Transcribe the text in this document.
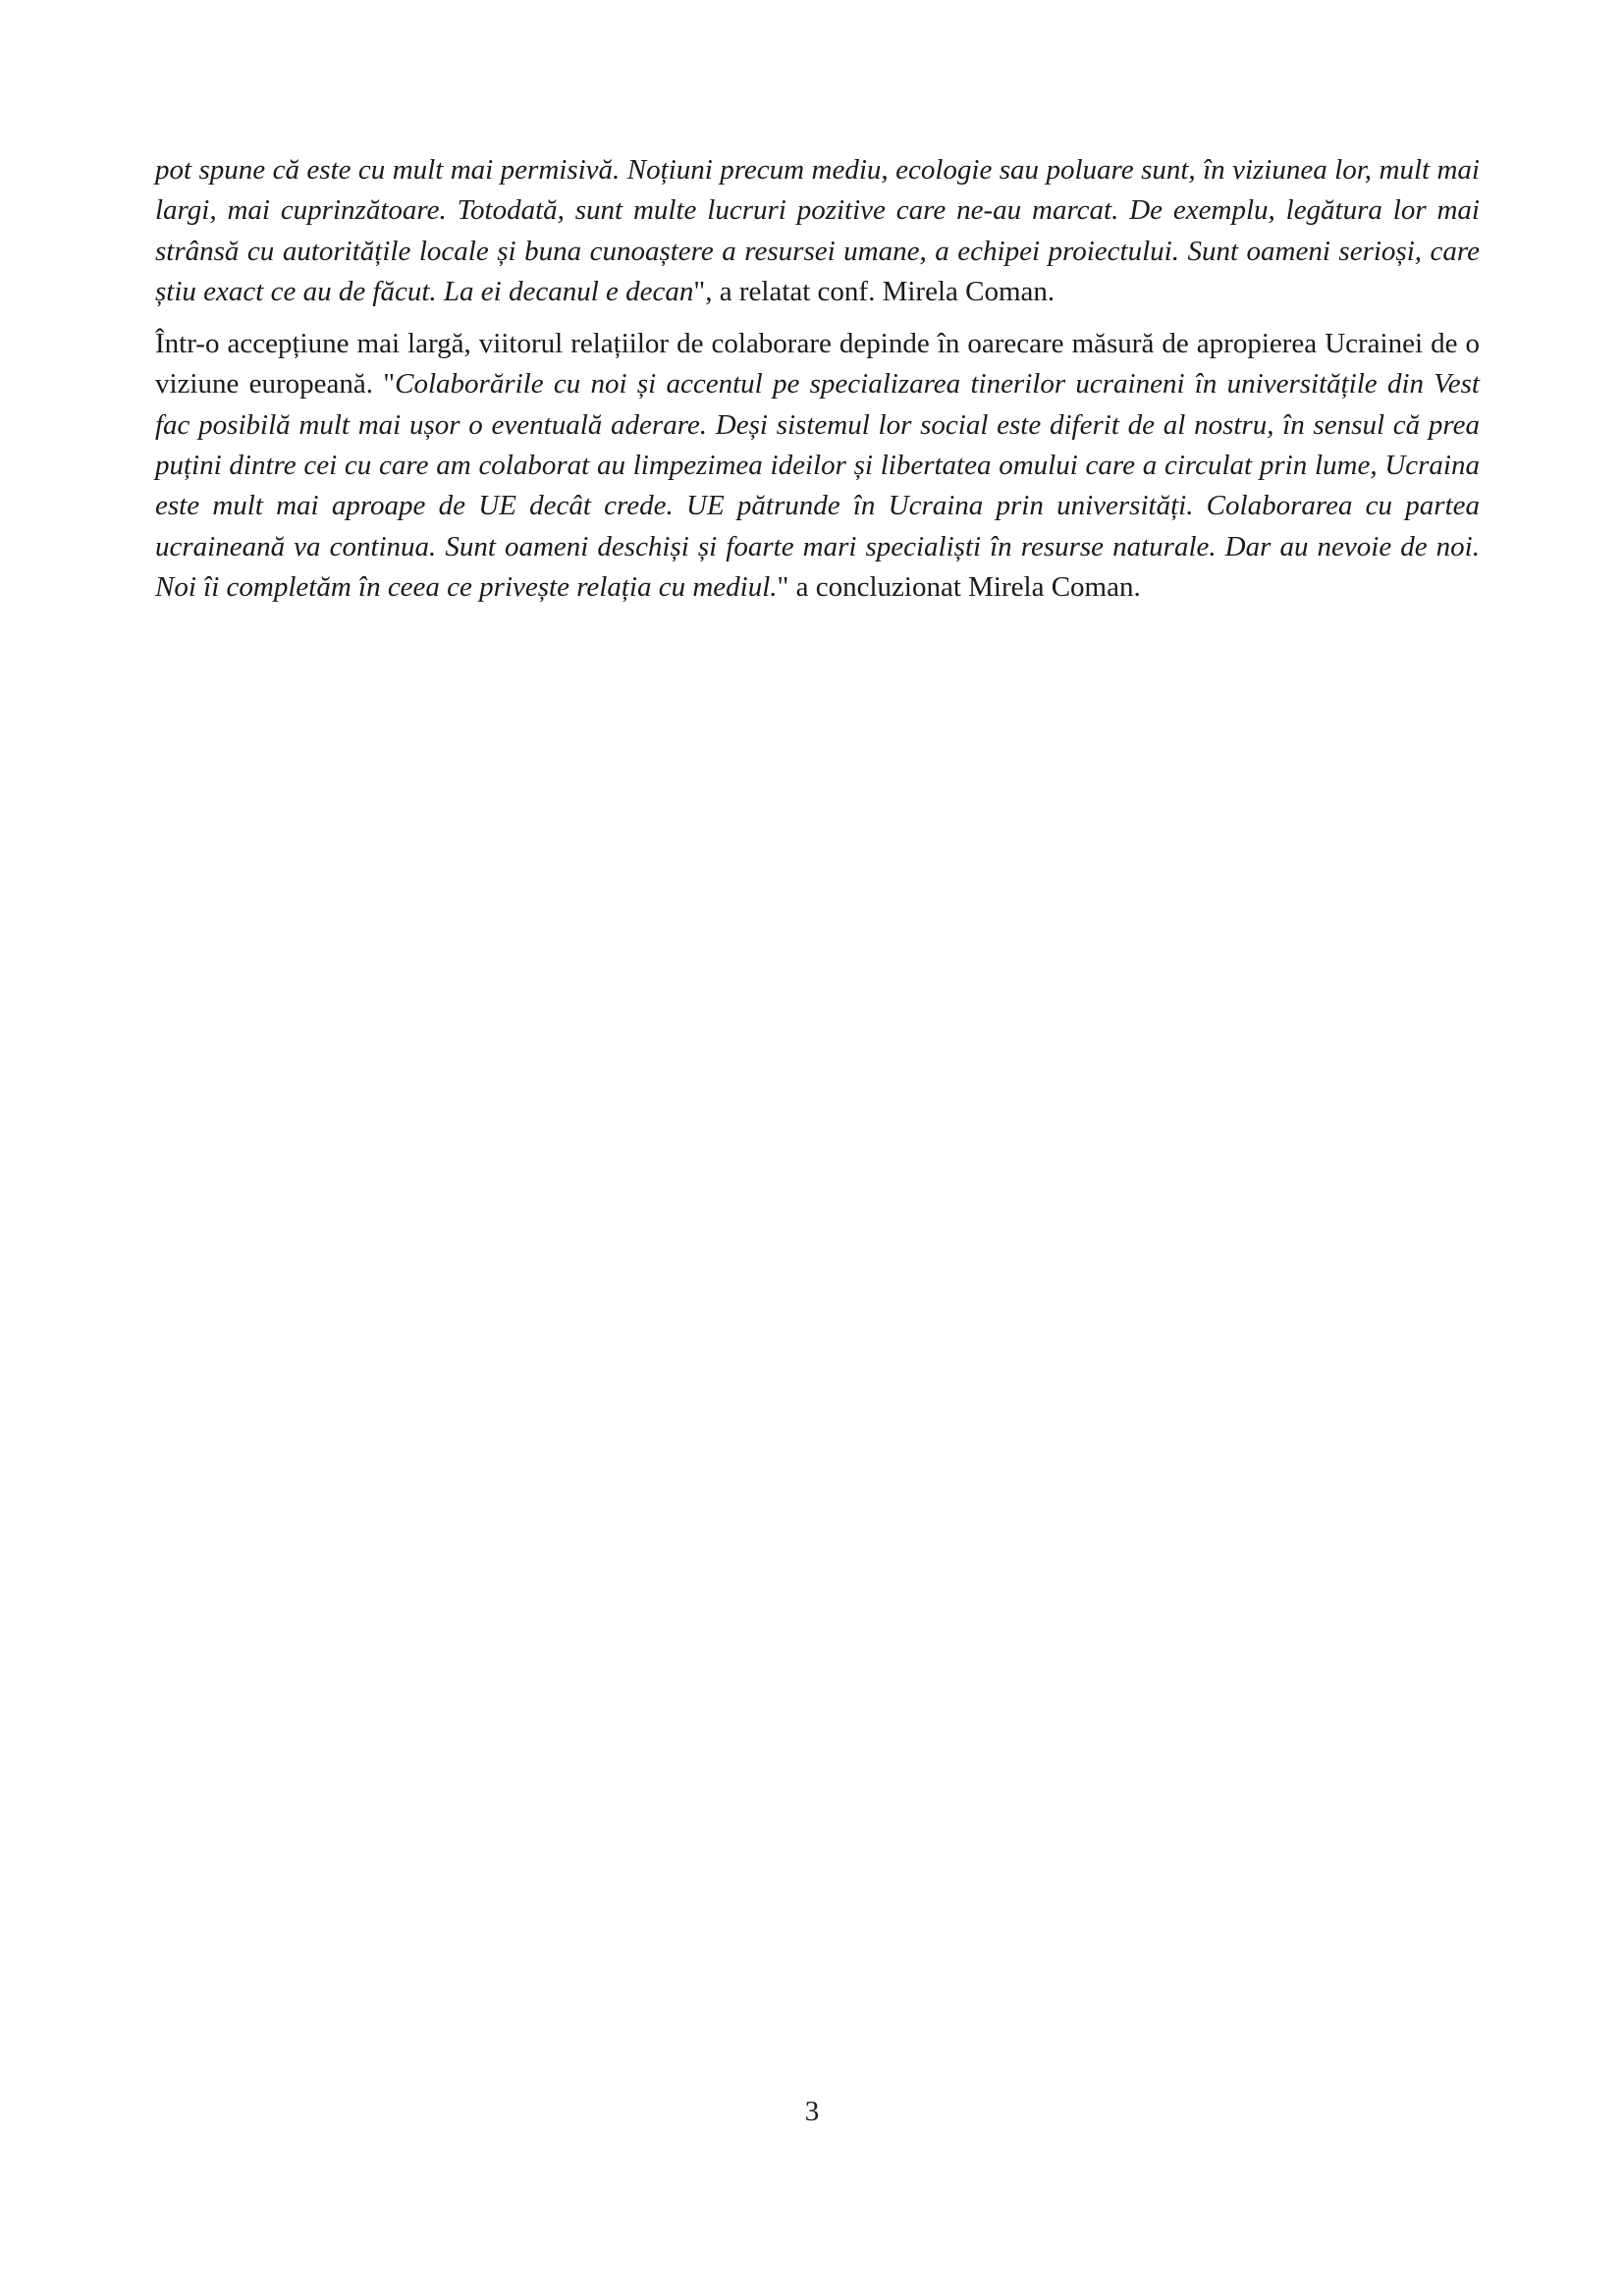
pot spune că este cu mult mai permisivă. Noțiuni precum mediu, ecologie sau poluare sunt, în viziunea lor, mult mai largi, mai cuprinzătoare. Totodată, sunt multe lucruri pozitive care ne-au marcat. De exemplu, legătura lor mai strânsă cu autoritățile locale și buna cunoaștere a resursei umane, a echipei proiectului. Sunt oameni serioși, care știu exact ce au de făcut. La ei decanul e decan", a relatat conf. Mirela Coman.

Într-o accepțiune mai largă, viitorul relațiilor de colaborare depinde în oarecare măsură de apropierea Ucrainei de o viziune europeană. "Colaborările cu noi și accentul pe specializarea tinerilor ucraineni în universitățile din Vest fac posibilă mult mai ușor o eventuală aderare. Deși sistemul lor social este diferit de al nostru, în sensul că prea puțini dintre cei cu care am colaborat au limpezimea ideilor și libertatea omului care a circulat prin lume, Ucraina este mult mai aproape de UE decât crede. UE pătrunde în Ucraina prin universități. Colaborarea cu partea ucraineană va continua. Sunt oameni deschiși și foarte mari specialiști în resurse naturale. Dar au nevoie de noi. Noi îi completăm în ceea ce privește relația cu mediul." a concluzionat Mirela Coman.

3
